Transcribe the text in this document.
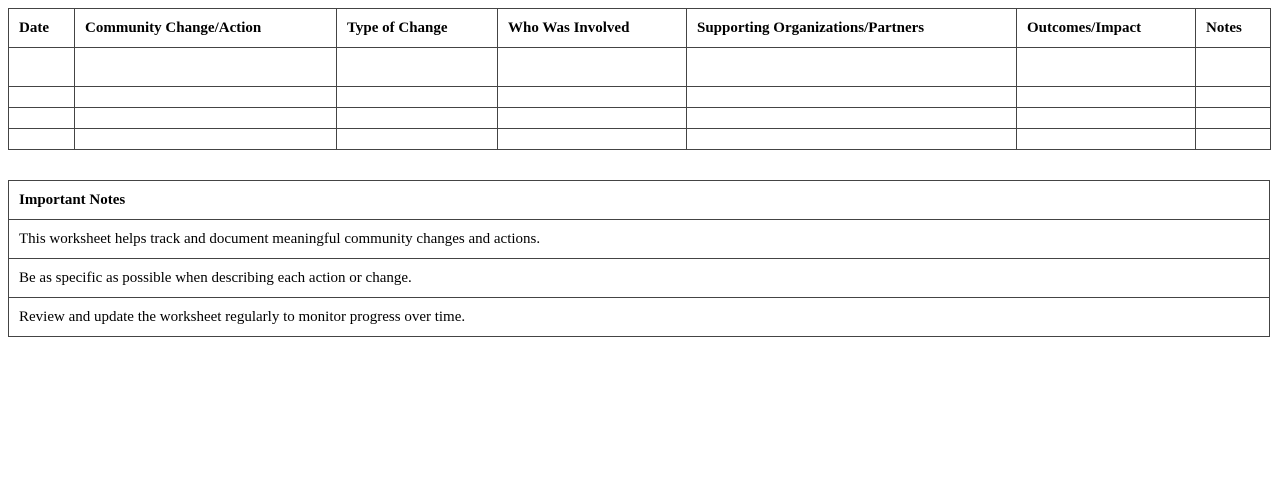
Date	Community Change/Action	Type of Change	Who Was Involved	Supporting Organizations/Partners	Outcomes/Impact	Notes

Important Notes
This worksheet helps track and document meaningful community changes and actions.
Be as specific as possible when describing each action or change.
Review and update the worksheet regularly to monitor progress over time.
